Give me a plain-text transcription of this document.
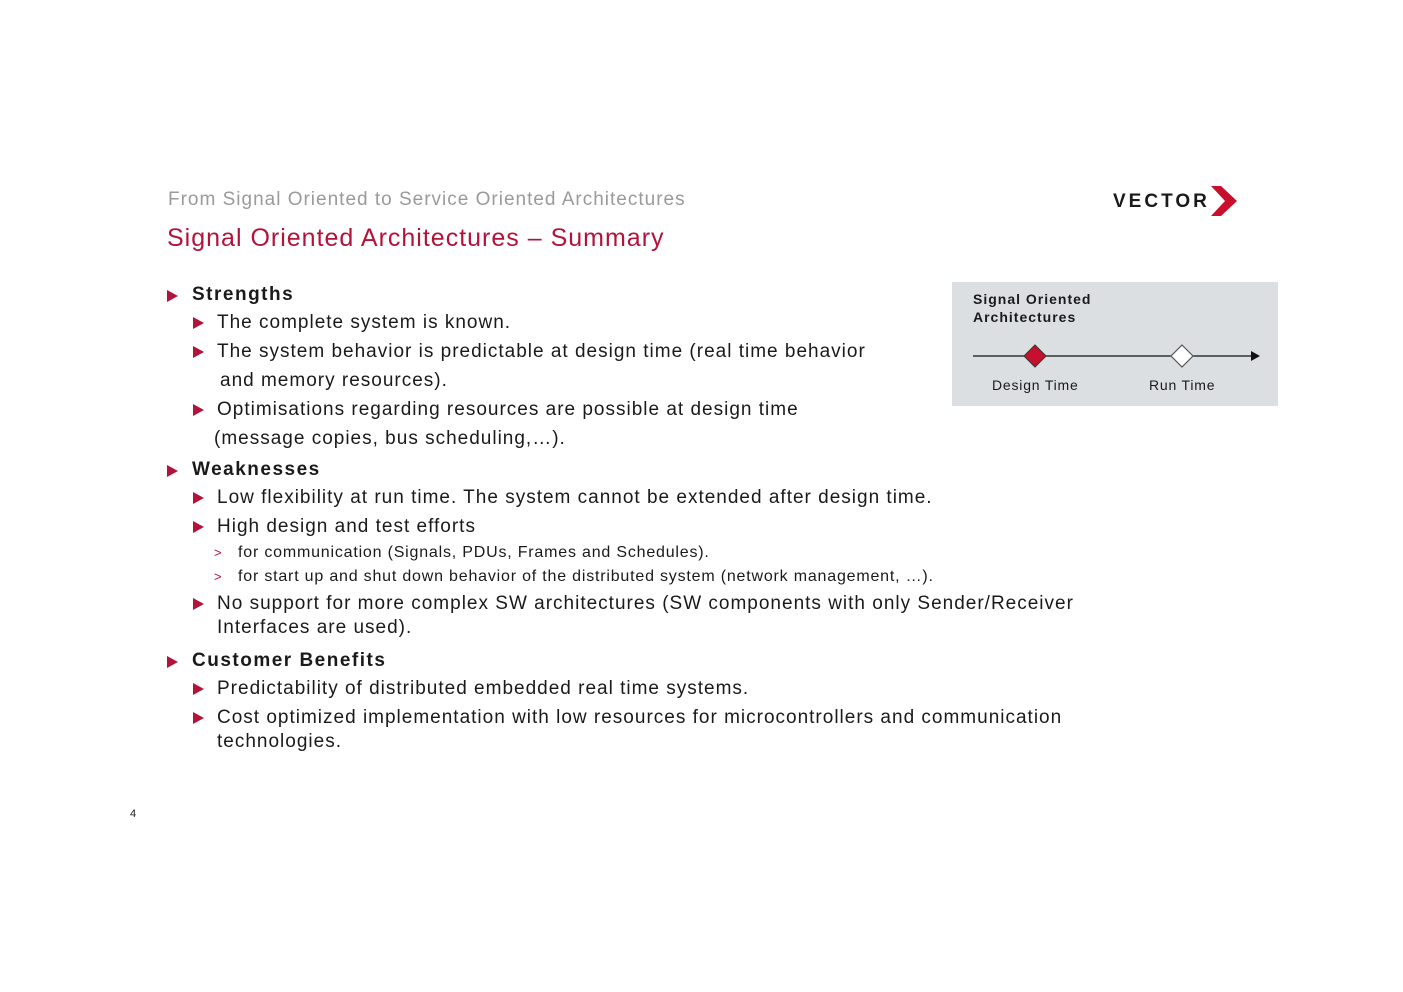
From Signal Oriented to Service Oriented Architectures
Signal Oriented Architectures – Summary
VECTOR
Strengths
The complete system is known.
The system behavior is predictable at design time (real time behavior
and memory resources).
Optimisations regarding resources are possible at design time
(message copies, bus scheduling,…).
Weaknesses
Low flexibility at run time. The system cannot be extended after design time.
High design and test efforts
> for communication (Signals, PDUs, Frames and Schedules).
> for start up and shut down behavior of the distributed system (network management, …).
No support for more complex SW architectures (SW components with only Sender/Receiver
Interfaces are used).
Customer Benefits
Predictability of distributed embedded real time systems.
Cost optimized implementation with low resources for microcontrollers and communication
technologies.
Signal Oriented
Architectures
Design Time	Run Time
4
